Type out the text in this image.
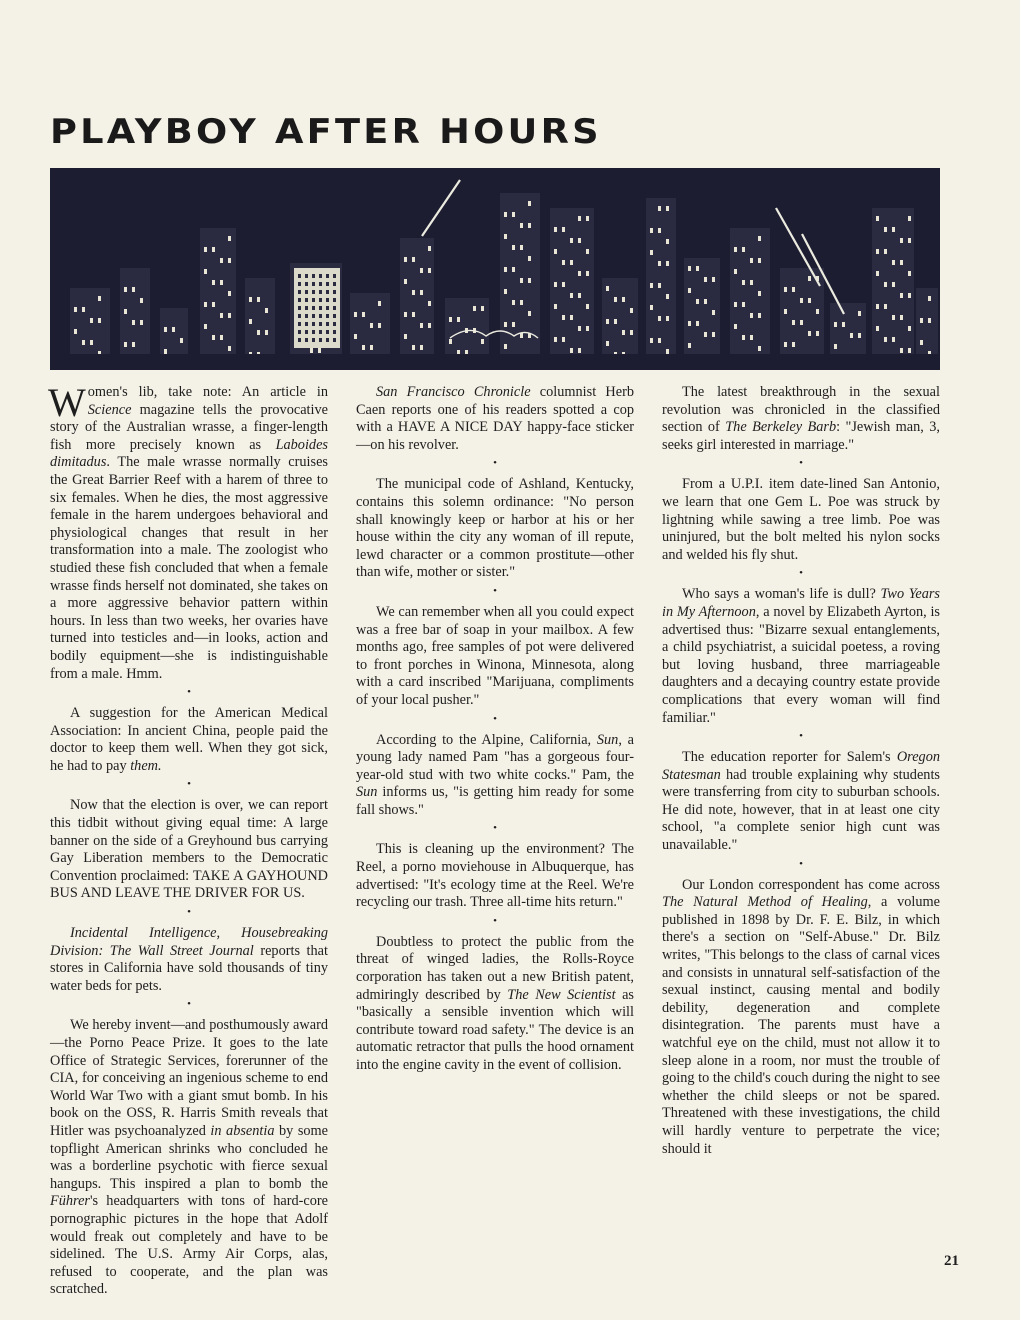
PLAYBOY AFTER HOURS

Women's lib, take note: An article in Science magazine tells the provocative story of the Australian wrasse, a finger-length fish more precisely known as Laboides dimitadus. The male wrasse normally cruises the Great Barrier Reef with a harem of three to six females. When he dies, the most aggressive female in the harem undergoes behavioral and physiological changes that result in her transformation into a male. The zoologist who studied these fish concluded that when a female wrasse finds herself not dominated, she takes on a more aggressive behavior pattern within hours. In less than two weeks, her ovaries have turned into testicles and—in looks, action and bodily equipment—she is indistinguishable from a male. Hmm.

•

A suggestion for the American Medical Association: In ancient China, people paid the doctor to keep them well. When they got sick, he had to pay them.

•

Now that the election is over, we can report this tidbit without giving equal time: A large banner on the side of a Greyhound bus carrying Gay Liberation members to the Democratic Convention proclaimed: TAKE A GAYHOUND BUS AND LEAVE THE DRIVER FOR US.

•

Incidental Intelligence, Housebreaking Division: The Wall Street Journal reports that stores in California have sold thousands of tiny water beds for pets.

•

We hereby invent—and posthumously award—the Porno Peace Prize. It goes to the late Office of Strategic Services, forerunner of the CIA, for conceiving an ingenious scheme to end World War Two with a giant smut bomb. In his book on the OSS, R. Harris Smith reveals that Hitler was psychoanalyzed in absentia by some topflight American shrinks who concluded he was a borderline psychotic with fierce sexual hangups. This inspired a plan to bomb the Führer's headquarters with tons of hard-core pornographic pictures in the hope that Adolf would freak out completely and have to be sidelined. The U.S. Army Air Corps, alas, refused to cooperate, and the plan was scratched.

San Francisco Chronicle columnist Herb Caen reports one of his readers spotted a cop with a HAVE A NICE DAY happy-face sticker—on his revolver.

•

The municipal code of Ashland, Kentucky, contains this solemn ordinance: "No person shall knowingly keep or harbor at his or her house within the city any woman of ill repute, lewd character or a common prostitute—other than wife, mother or sister."

•

We can remember when all you could expect was a free bar of soap in your mailbox. A few months ago, free samples of pot were delivered to front porches in Winona, Minnesota, along with a card inscribed "Marijuana, compliments of your local pusher."

•

According to the Alpine, California, Sun, a young lady named Pam "has a gorgeous four-year-old stud with two white cocks." Pam, the Sun informs us, "is getting him ready for some fall shows."

•

This is cleaning up the environment? The Reel, a porno moviehouse in Albuquerque, has advertised: "It's ecology time at the Reel. We're recycling our trash. Three all-time hits return."

•

Doubtless to protect the public from the threat of winged ladies, the Rolls-Royce corporation has taken out a new British patent, admiringly described by The New Scientist as "basically a sensible invention which will contribute toward road safety." The device is an automatic retractor that pulls the hood ornament into the engine cavity in the event of collision.

The latest breakthrough in the sexual revolution was chronicled in the classified section of The Berkeley Barb: "Jewish man, 3, seeks girl interested in marriage."

•

From a U.P.I. item date-lined San Antonio, we learn that one Gem L. Poe was struck by lightning while sawing a tree limb. Poe was uninjured, but the bolt melted his nylon socks and welded his fly shut.

•

Who says a woman's life is dull? Two Years in My Afternoon, a novel by Elizabeth Ayrton, is advertised thus: "Bizarre sexual entanglements, a child psychiatrist, a suicidal poetess, a roving but loving husband, three marriageable daughters and a decaying country estate provide complications that every woman will find familiar."

•

The education reporter for Salem's Oregon Statesman had trouble explaining why students were transferring from city to suburban schools. He did note, however, that in at least one city school, "a complete senior high cunt was unavailable."

•

Our London correspondent has come across The Natural Method of Healing, a volume published in 1898 by Dr. F. E. Bilz, in which there's a section on "Self-Abuse." Dr. Bilz writes, "This belongs to the class of carnal vices and consists in unnatural self-satisfaction of the sexual instinct, causing mental and bodily debility, degeneration and complete disintegration. The parents must have a watchful eye on the child, must not allow it to sleep alone in a room, nor must the trouble of going to the child's couch during the night to see whether the child sleeps or not be spared. Threatened with these investigations, the child will hardly venture to perpetrate the vice; should it

21
